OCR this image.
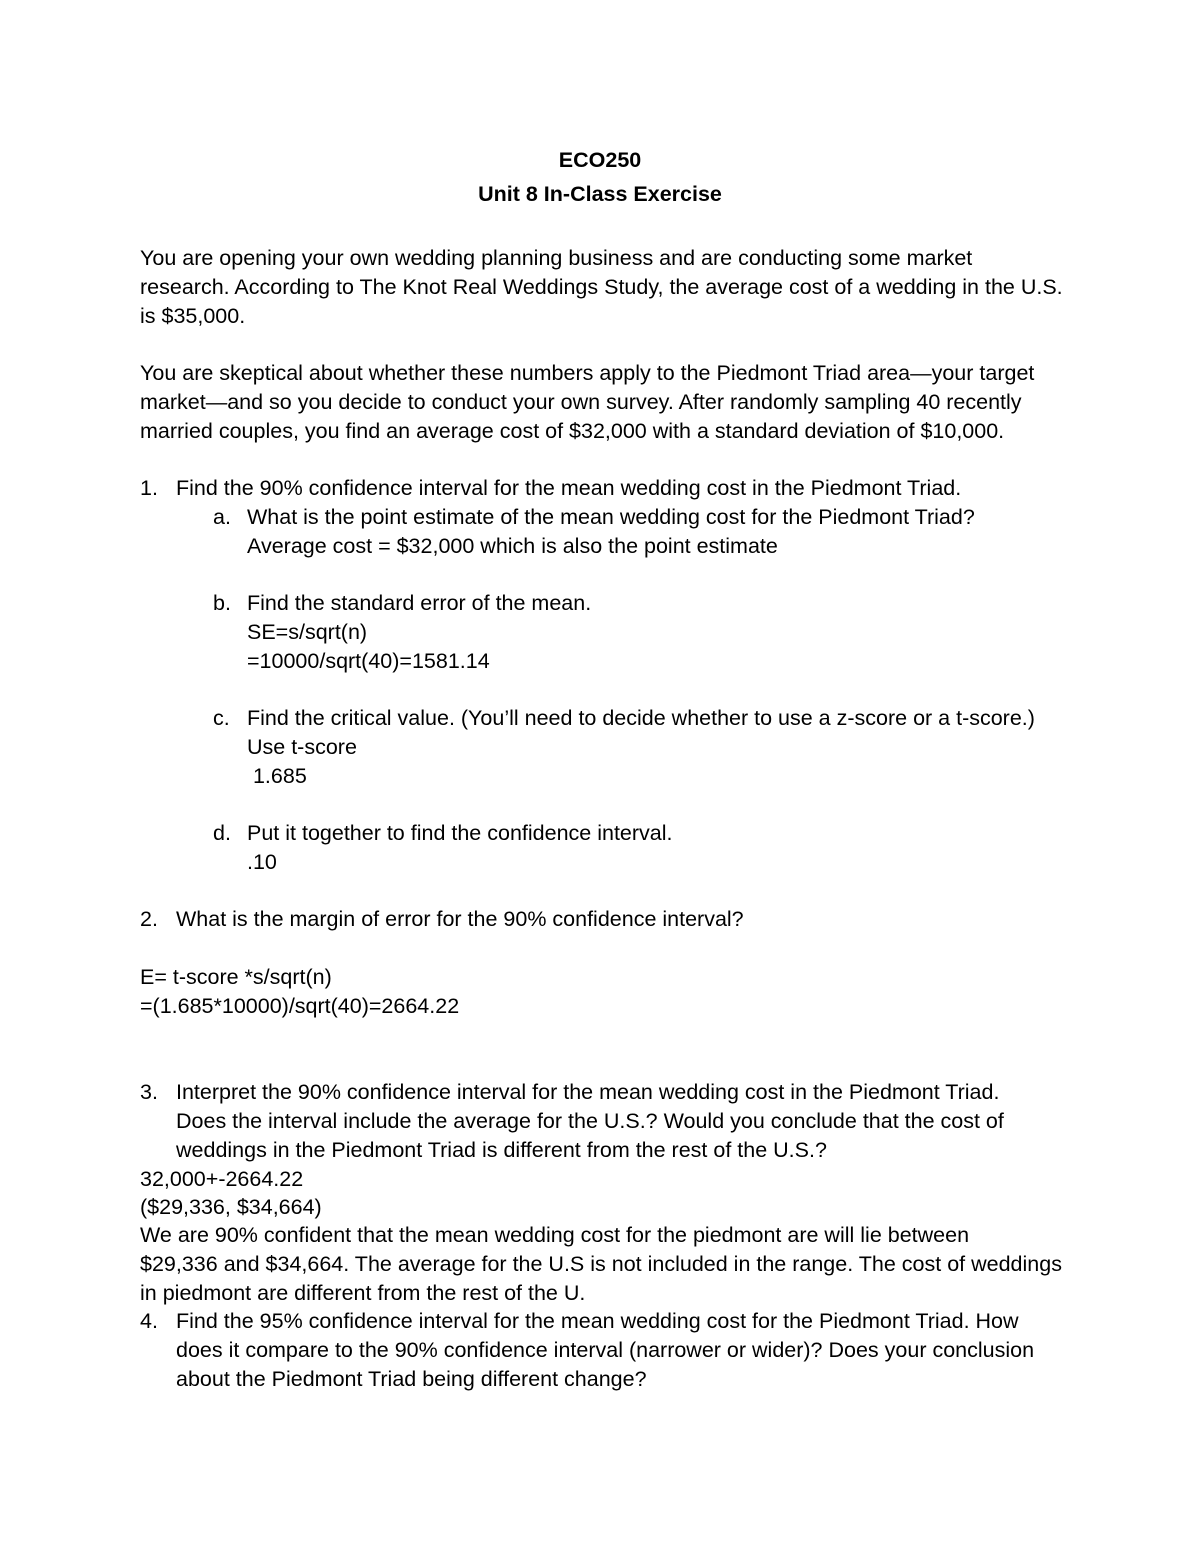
ECO250
Unit 8 In-Class Exercise
You are opening your own wedding planning business and are conducting some market
research. According to The Knot Real Weddings Study, the average cost of a wedding in the U.S.
is $35,000.
You are skeptical about whether these numbers apply to the Piedmont Triad area—your target
market—and so you decide to conduct your own survey. After randomly sampling 40 recently
married couples, you find an average cost of $32,000 with a standard deviation of $10,000.
1. Find the 90% confidence interval for the mean wedding cost in the Piedmont Triad.
a. What is the point estimate of the mean wedding cost for the Piedmont Triad?
Average cost = $32,000 which is also the point estimate
b. Find the standard error of the mean.
SE=s/sqrt(n)
=10000/sqrt(40)=1581.14
c. Find the critical value. (You’ll need to decide whether to use a z-score or a t-score.)
Use t-score
1.685
d. Put it together to find the confidence interval.
.10
2. What is the margin of error for the 90% confidence interval?
E= t-score *s/sqrt(n)
=(1.685*10000)/sqrt(40)=2664.22
3. Interpret the 90% confidence interval for the mean wedding cost in the Piedmont Triad.
Does the interval include the average for the U.S.? Would you conclude that the cost of
weddings in the Piedmont Triad is different from the rest of the U.S.?
32,000+-2664.22
($29,336, $34,664)
We are 90% confident that the mean wedding cost for the piedmont are will lie between
$29,336 and $34,664. The average for the U.S is not included in the range. The cost of weddings
in piedmont are different from the rest of the U.
4. Find the 95% confidence interval for the mean wedding cost for the Piedmont Triad. How
does it compare to the 90% confidence interval (narrower or wider)? Does your conclusion
about the Piedmont Triad being different change?
